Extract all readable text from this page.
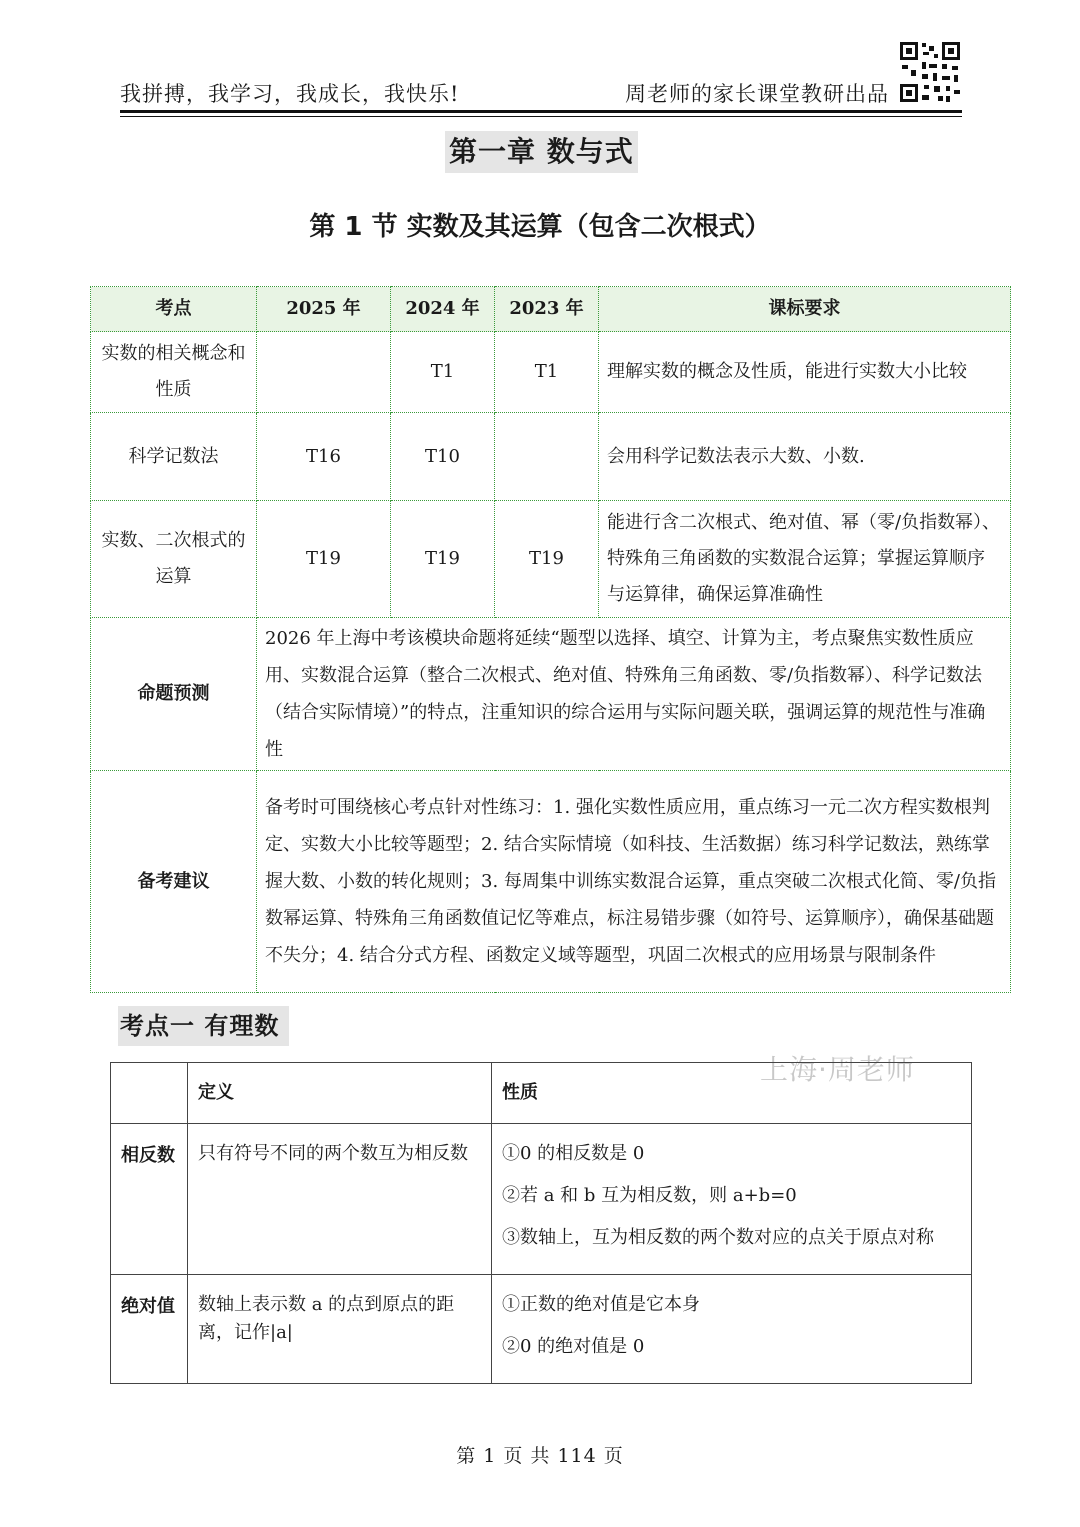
我拼搏，我学习，我成长，我快乐!	周老师的家长课堂教研出品
第一章 数与式
第 1 节 实数及其运算（包含二次根式）
考点	2025 年	2024 年	2023 年	课标要求
实数的相关概念和性质		T1	T1	理解实数的概念及性质，能进行实数大小比较
科学记数法	T16	T10		会用科学记数法表示大数、小数.
实数、二次根式的运算	T19	T19	T19	能进行含二次根式、绝对值、幂（零/负指数幂）、特殊角三角函数的实数混合运算；掌握运算顺序与运算律，确保运算准确性
命题预测	2026 年上海中考该模块命题将延续“题型以选择、填空、计算为主，考点聚焦实数性质应用、实数混合运算（整合二次根式、绝对值、特殊角三角函数、零/负指数幂）、科学记数法（结合实际情境）”的特点，注重知识的综合运用与实际问题关联，强调运算的规范性与准确性			
备考建议	备考时可围绕核心考点针对性练习：1. 强化实数性质应用，重点练习一元二次方程实数根判定、实数大小比较等题型；2. 结合实际情境（如科技、生活数据）练习科学记数法，熟练掌握大数、小数的转化规则；3. 每周集中训练实数混合运算，重点突破二次根式化简、零/负指数幂运算、特殊角三角函数值记忆等难点，标注易错步骤（如符号、运算顺序），确保基础题不失分；4. 结合分式方程、函数定义域等题型，巩固二次根式的应用场景与限制条件			
考点一 有理数
上海·周老师
	定义	性质
相反数	只有符号不同的两个数互为相反数	①0 的相反数是 0
②若 a 和 b 互为相反数，则 a+b=0
③数轴上，互为相反数的两个数对应的点关于原点对称

绝对值	数轴上表示数 a 的点到原点的距离，记作|a|	①正数的绝对值是它本身
②0 的绝对值是 0
第 1 页 共 114 页
